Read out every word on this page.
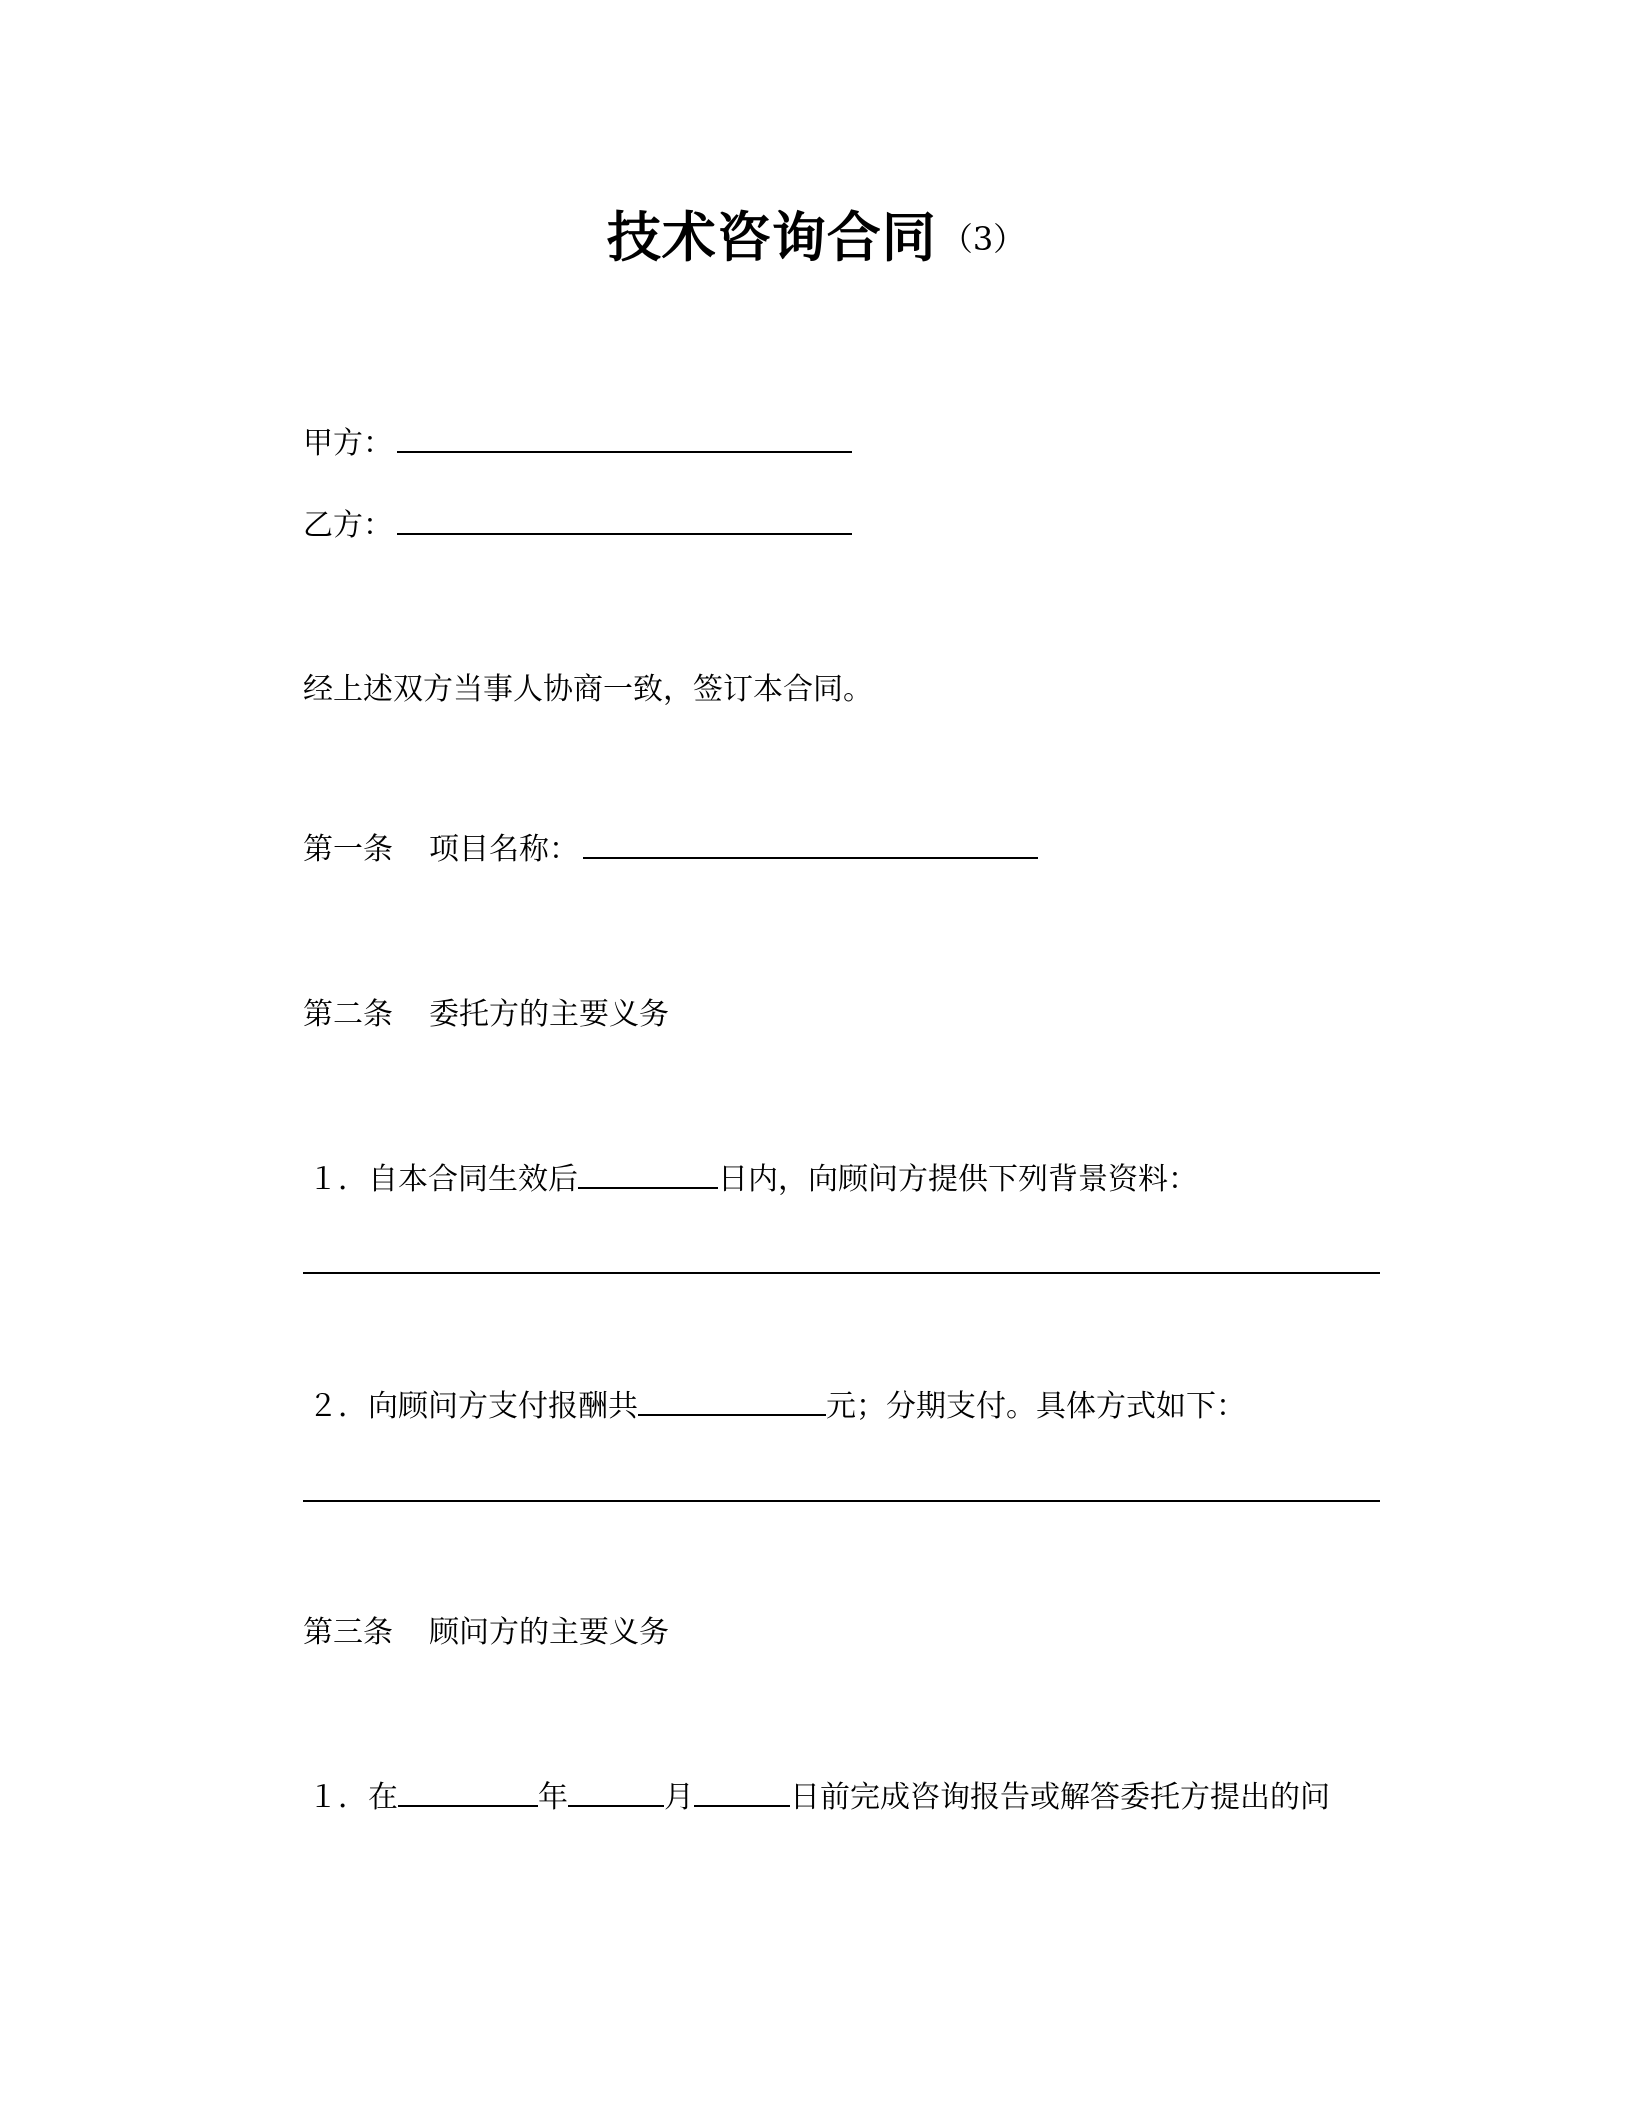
技术咨询合同 （3）
甲方：
乙方：
经上述双方当事人协商一致，签订本合同。
第一条 项目名称：
第二条 委托方的主要义务
１．自本合同生效后	日内，向顾问方提供下列背景资料：
２．向顾问方支付报酬共	元；分期支付。具体方式如下：
第三条 顾问方的主要义务
１．在	年	月	日前完成咨询报告或解答委托方提出的问
